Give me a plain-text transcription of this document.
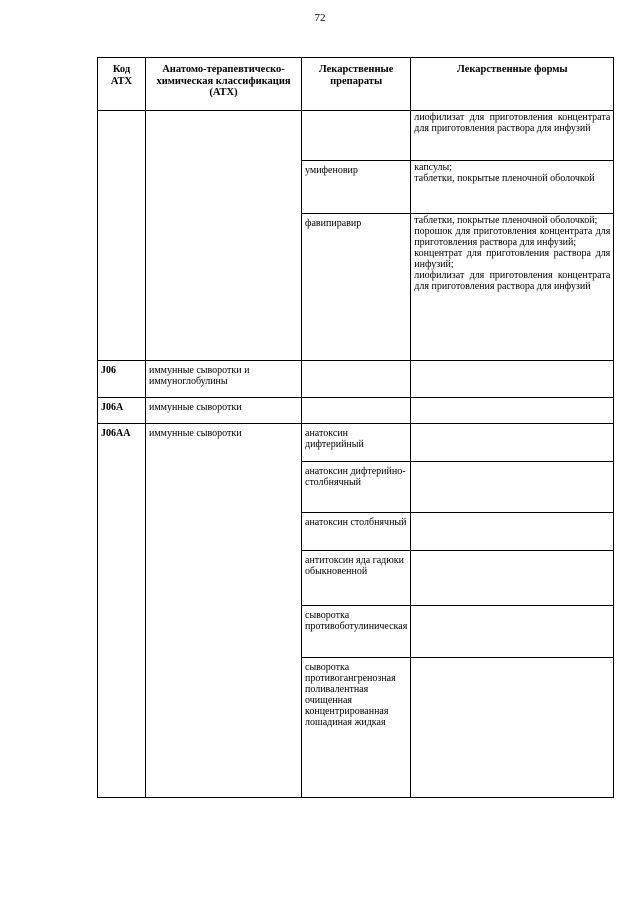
72
Код АТХ	Анатомо-терапевтическо-химическая классификация (АТХ)	Лекарственные препараты	Лекарственные формы

			лиофилизат для приготовления концентрата для приготовления раствора для инфузий

		умифеновир	капсулы;
таблетки, покрытые пленочной оболочкой

		фавипиравир	таблетки, покрытые пленочной оболочкой;
порошок для приготовления концентрата для приготовления раствора для инфузий;
концентрат для приготовления раствора для инфузий;
лиофилизат для приготовления концентрата для приготовления раствора для инфузий

J06	иммунные сыворотки и иммуноглобулины		

J06A	иммунные сыворотки		
J06AA	иммунные сыворотки	анатоксин дифтерийный	
		анатоксин дифтерийно-столбнячный	
		анатоксин столбнячный	

		антитоксин яда гадюки обыкновенной	

		сыворотка противоботулиническая	
		сыворотка противогангренозная поливалентная очищенная концентрированная лошадиная жидкая	
